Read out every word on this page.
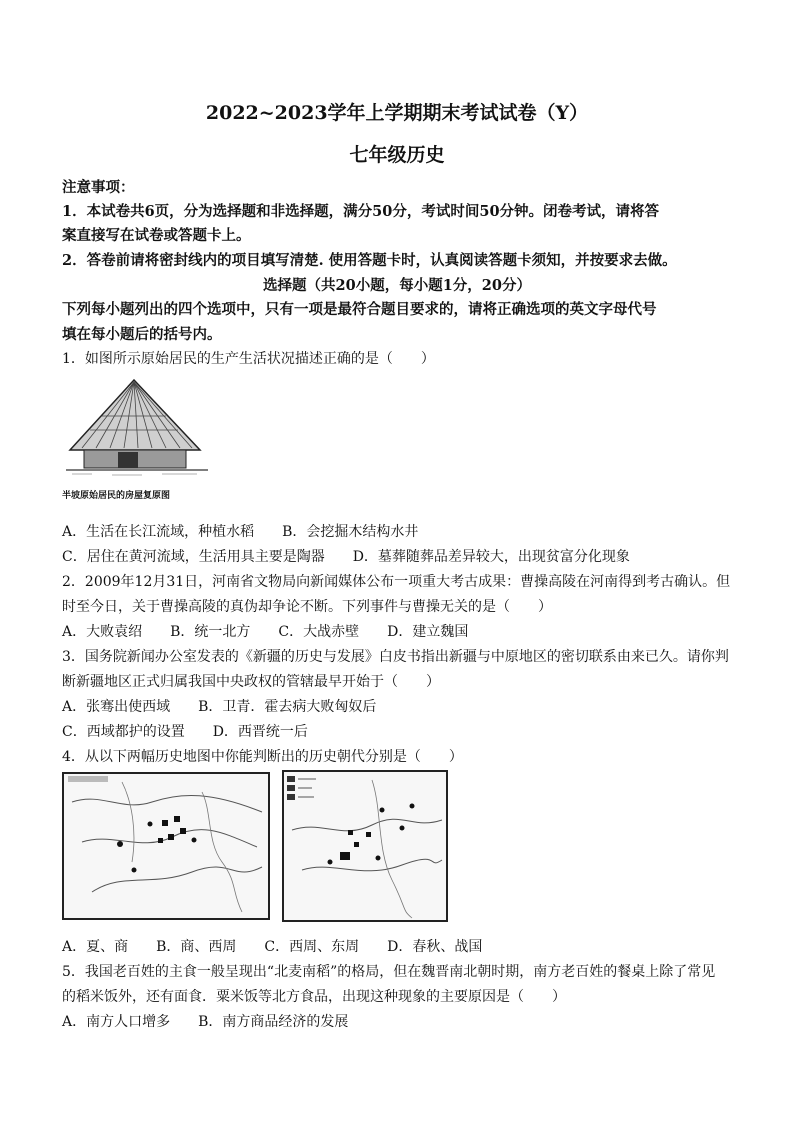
2022~2023学年上学期期末考试试卷（Y）
七年级历史
注意事项：
1．本试卷共6页，分为选择题和非选择题，满分50分，考试时间50分钟。闭卷考试，请将答
案直接写在试卷或答题卡上。
2．答卷前请将密封线内的项目填写清楚. 使用答题卡时，认真阅读答题卡须知，并按要求去做。
选择题（共20小题，每小题1分，20分）
下列每小题列出的四个选项中，只有一项是最符合题目要求的，请将正确选项的英文字母代号
填在每小题后的括号内。
1．如图所示原始居民的生产生活状况描述正确的是（　　）
半坡原始居民的房屋复原图
A．生活在长江流域，种植水稻　　B．会挖掘木结构水井
C．居住在黄河流域，生活用具主要是陶器　　D．墓葬随葬品差异较大，出现贫富分化现象
2．2009年12月31日，河南省文物局向新闻媒体公布一项重大考古成果：曹操高陵在河南得到考古确认。但
时至今日，关于曹操高陵的真伪却争论不断。下列事件与曹操无关的是（　　）
A．大败袁绍　　B．统一北方　　C．大战赤壁　　D．建立魏国
3．国务院新闻办公室发表的《新疆的历史与发展》白皮书指出新疆与中原地区的密切联系由来已久。请你判
断新疆地区正式归属我国中央政权的管辖最早开始于（　　）
A．张骞出使西域　　B．卫青．霍去病大败匈奴后
C．西域都护的设置　　D．西晋统一后
4．从以下两幅历史地图中你能判断出的历史朝代分别是（　　）
A．夏、商　　B．商、西周　　C．西周、东周　　D．春秋、战国
5．我国老百姓的主食一般呈现出“北麦南稻”的格局，但在魏晋南北朝时期，南方老百姓的餐桌上除了常见
的稻米饭外，还有面食．粟米饭等北方食品，出现这种现象的主要原因是（　　）
A．南方人口增多　　B．南方商品经济的发展
